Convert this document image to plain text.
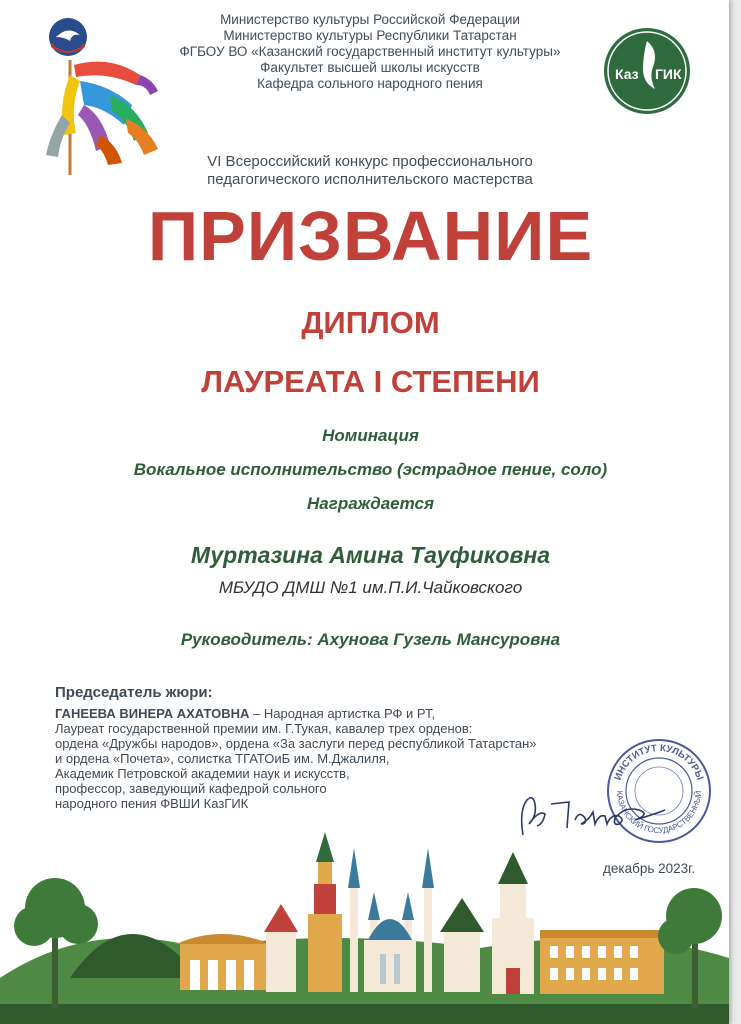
Министерство культуры Российской Федерации
Министерство культуры Республики Татарстан
ФГБОУ ВО «Казанский государственный институт культуры»
Факультет высшей школы искусств
Кафедра сольного народного пения
Каз ГИК
VI Всероссийский конкурс профессионального
педагогического исполнительского мастерства
ПРИЗВАНИЕ
ДИПЛОМ
ЛАУРЕАТА I СТЕПЕНИ
Номинация
Вокальное исполнительство (эстрадное пение, соло)
Награждается
Муртазина Амина Тауфиковна
МБУДО ДМШ №1 им.П.И.Чайковского
Руководитель: Ахунова Гузель Мансуровна
Председатель жюри:
ГАНЕЕВА ВИНЕРА АХАТОВНА – Народная артистка РФ и РТ,
Лауреат государственной премии им. Г.Тукая, кавалер трех орденов:
ордена «Дружбы народов», ордена «За заслуги перед республикой Татарстан»
и ордена «Почета», солистка ТГАТОиБ им. М.Джалиля,
Академик Петровской академии наук и искусств,
профессор, заведующий кафедрой сольного
народного пения ФВШИ КазГИК
ИНСТИТУТ КУЛЬТУРЫ
КАЗАНСКИЙ ГОСУДАРСТВЕННЫЙ
декабрь 2023г.
